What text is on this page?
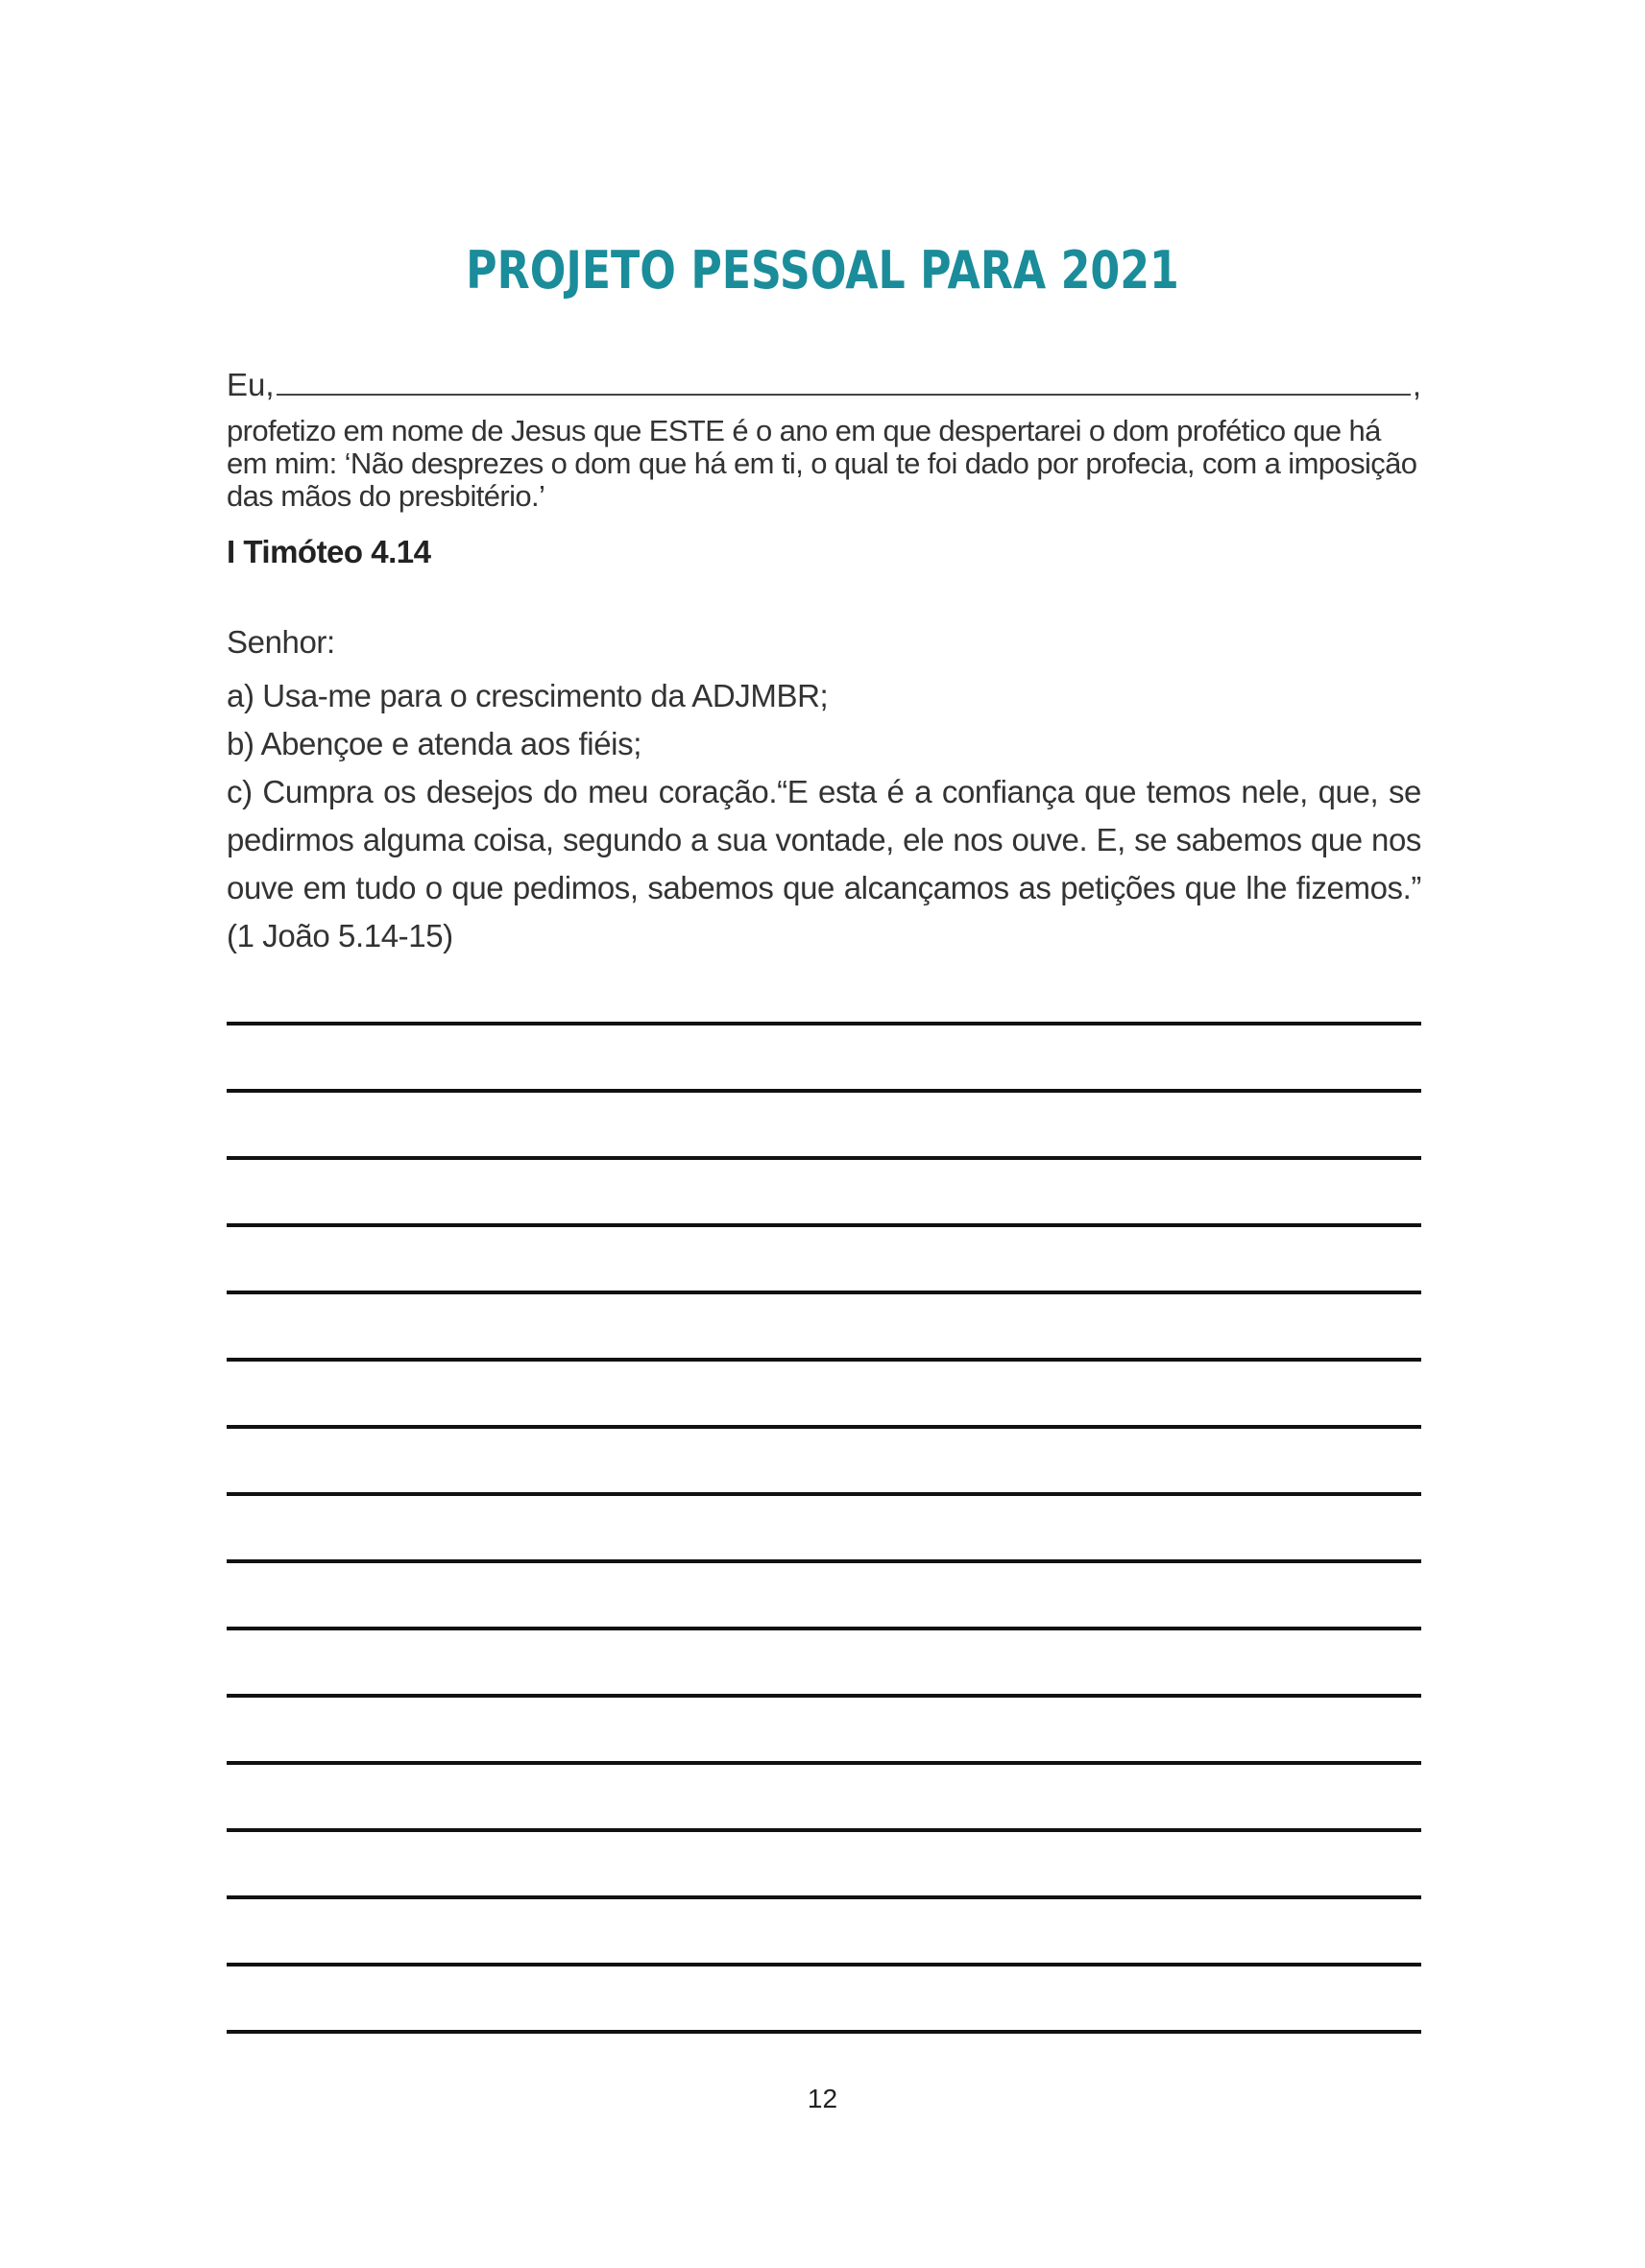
PROJETO PESSOAL PARA 2021
Eu,	,
profetizo em nome de Jesus que ESTE é o ano em que despertarei o dom profético que há em mim: ‘Não desprezes o dom que há em ti, o qual te foi dado por profecia, com a imposição das mãos do presbitério.’
I Timóteo 4.14
Senhor:
a) Usa-me para o crescimento da ADJMBR;
b) Abençoe e atenda aos fiéis;
c) Cumpra os desejos do meu coração.“E esta é a confiança que temos nele, que, se pedirmos alguma coisa, segundo a sua vontade, ele nos ouve. E, se sabemos que nos ouve em tudo o que pedimos, sabemos que alcançamos as petições que lhe fizemos.” (1 João 5.14-15)
12
